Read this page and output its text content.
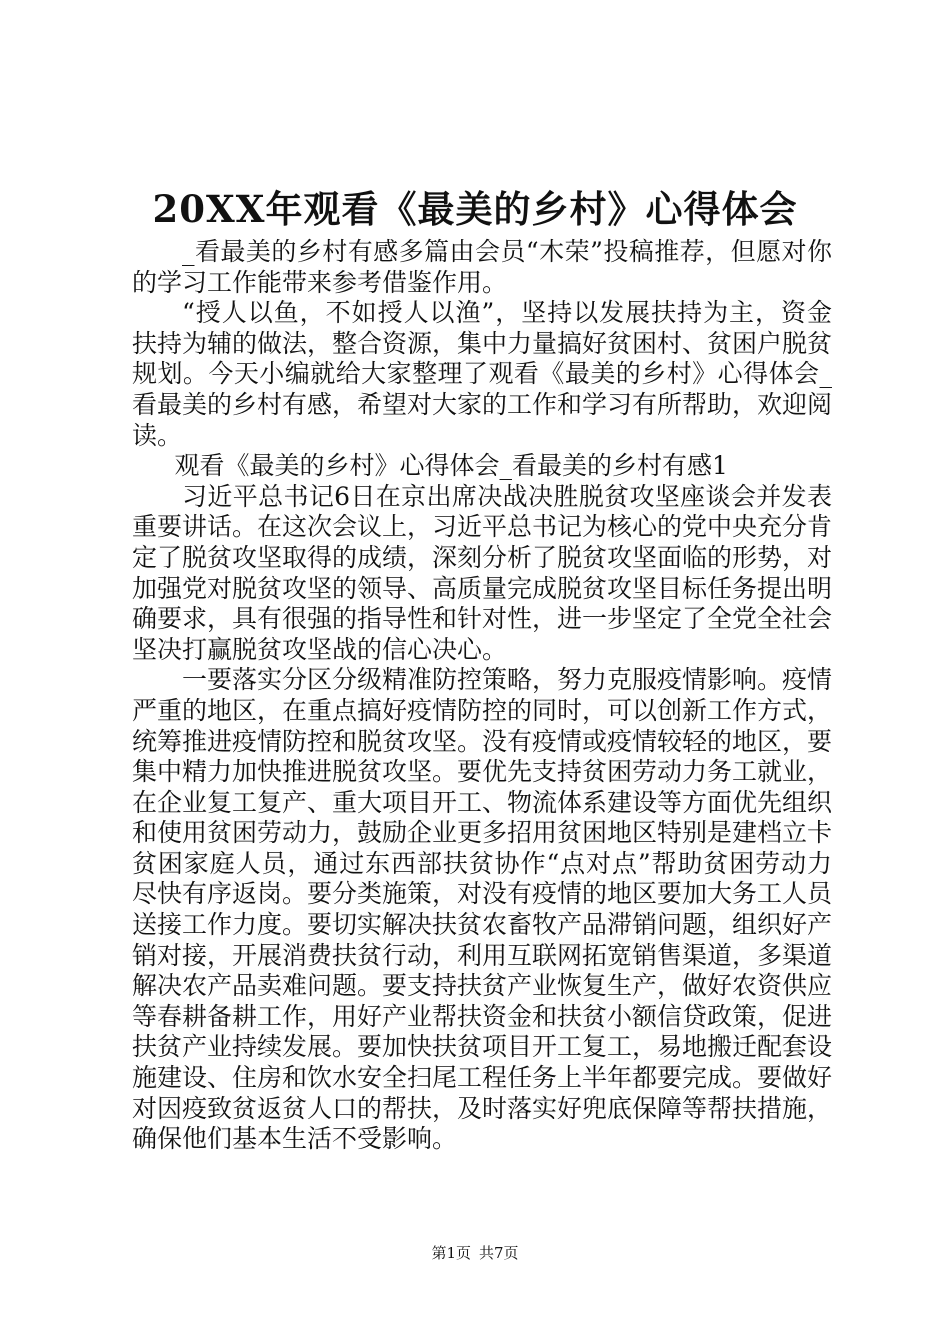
20XX年观看《最美的乡村》心得体会

_看最美的乡村有感多篇由会员“木荣”投稿推荐，但愿对你的学习工作能带来参考借鉴作用。

“授人以鱼，不如授人以渔”，坚持以发展扶持为主，资金扶持为辅的做法，整合资源，集中力量搞好贫困村、贫困户脱贫规划。今天小编就给大家整理了观看《最美的乡村》心得体会_看最美的乡村有感，希望对大家的工作和学习有所帮助，欢迎阅读。

观看《最美的乡村》心得体会_看最美的乡村有感1

习近平总书记6日在京出席决战决胜脱贫攻坚座谈会并发表重要讲话。在这次会议上，习近平总书记为核心的党中央充分肯定了脱贫攻坚取得的成绩，深刻分析了脱贫攻坚面临的形势，对加强党对脱贫攻坚的领导、高质量完成脱贫攻坚目标任务提出明确要求，具有很强的指导性和针对性，进一步坚定了全党全社会坚决打赢脱贫攻坚战的信心决心。

一要落实分区分级精准防控策略，努力克服疫情影响。疫情严重的地区，在重点搞好疫情防控的同时，可以创新工作方式，统筹推进疫情防控和脱贫攻坚。没有疫情或疫情较轻的地区，要集中精力加快推进脱贫攻坚。要优先支持贫困劳动力务工就业，在企业复工复产、重大项目开工、物流体系建设等方面优先组织和使用贫困劳动力，鼓励企业更多招用贫困地区特别是建档立卡贫困家庭人员，通过东西部扶贫协作“点对点”帮助贫困劳动力尽快有序返岗。要分类施策，对没有疫情的地区要加大务工人员送接工作力度。要切实解决扶贫农畜牧产品滞销问题，组织好产销对接，开展消费扶贫行动，利用互联网拓宽销售渠道，多渠道解决农产品卖难问题。要支持扶贫产业恢复生产，做好农资供应等春耕备耕工作，用好产业帮扶资金和扶贫小额信贷政策，促进扶贫产业持续发展。要加快扶贫项目开工复工，易地搬迁配套设施建设、住房和饮水安全扫尾工程任务上半年都要完成。要做好对因疫致贫返贫人口的帮扶，及时落实好兜底保障等帮扶措施，确保他们基本生活不受影响。

第1页 共7页
